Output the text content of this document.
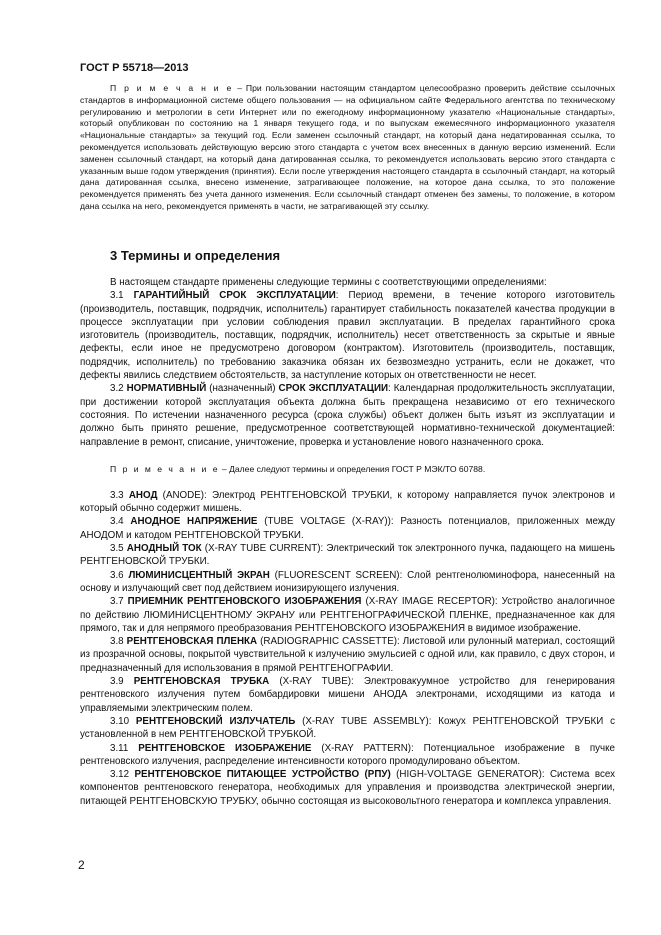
ГОСТ Р 55718—2013

П р и м е ч а н и е – При пользовании настоящим стандартом целесообразно проверить действие ссылочных стандартов в информационной системе общего пользования — на официальном сайте Федерального агентства по техническому регулированию и метрологии в сети Интернет или по ежегодному информационному указателю «Национальные стандарты», который опубликован по состоянию на 1 января текущего года, и по выпускам ежемесячного информационного указателя «Национальные стандарты» за текущий год. Если заменен ссылочный стандарт, на который дана недатированная ссылка, то рекомендуется использовать действующую версию этого стандарта с учетом всех внесенных в данную версию изменений. Если заменен ссылочный стандарт, на который дана датированная ссылка, то рекомендуется использовать версию этого стандарта с указанным выше годом утверждения (принятия). Если после утверждения настоящего стандарта в ссылочный стандарт, на который дана датированная ссылка, внесено изменение, затрагивающее положение, на которое дана ссылка, то это положение рекомендуется применять без учета данного изменения. Если ссылочный стандарт отменен без замены, то положение, в котором дана ссылка на него, рекомендуется применять в части, не затрагивающей эту ссылку.

3 Термины и определения

В настоящем стандарте применены следующие термины с соответствующими определениями:

3.1 ГАРАНТИЙНЫЙ СРОК ЭКСПЛУАТАЦИИ: Период времени, в течение которого изготовитель (производитель, поставщик, подрядчик, исполнитель) гарантирует стабильность показателей качества продукции в процессе эксплуатации при условии соблюдения правил эксплуатации. В пределах гарантийного срока изготовитель (производитель, поставщик, подрядчик, исполнитель) несет ответственность за скрытые и явные дефекты, если иное не предусмотрено договором (контрактом). Изготовитель (производитель, поставщик, подрядчик, исполнитель) по требованию заказчика обязан их безвозмездно устранить, если не докажет, что дефекты явились следствием обстоятельств, за наступление которых он ответственности не несет.

3.2 НОРМАТИВНЫЙ (назначенный) СРОК ЭКСПЛУАТАЦИИ: Календарная продолжительность эксплуатации, при достижении которой эксплуатация объекта должна быть прекращена независимо от его технического состояния. По истечении назначенного ресурса (срока службы) объект должен быть изъят из эксплуатации и должно быть принято решение, предусмотренное соответствующей нормативно-технической документацией: направление в ремонт, списание, уничтожение, проверка и установление нового назначенного срока.

П р и м е ч а н и е – Далее следуют термины и определения ГОСТ Р МЭК/ТО 60788.

3.3 АНОД (ANODE): Электрод РЕНТГЕНОВСКОЙ ТРУБКИ, к которому направляется пучок электронов и который обычно содержит мишень.

3.4 АНОДНОЕ НАПРЯЖЕНИЕ (TUBE VOLTAGE (X-RAY)): Разность потенциалов, приложенных между АНОДОМ и катодом РЕНТГЕНОВСКОЙ ТРУБКИ.

3.5 АНОДНЫЙ ТОК (X-RAY TUBE CURRENT): Электрический ток электронного пучка, падающего на мишень РЕНТГЕНОВСКОЙ ТРУБКИ.

3.6 ЛЮМИНИСЦЕНТНЫЙ ЭКРАН (FLUORESCENT SCREEN): Слой рентгенолюминофора, нанесенный на основу и излучающий свет под действием ионизирующего излучения.

3.7 ПРИЕМНИК РЕНТГЕНОВСКОГО ИЗОБРАЖЕНИЯ (X-RAY IMAGE RECEPTOR): Устройство аналогичное по действию ЛЮМИНИСЦЕНТНОМУ ЭКРАНУ или РЕНТГЕНОГРАФИЧЕСКОЙ ПЛЕНКЕ, предназначенное как для прямого, так и для непрямого преобразования РЕНТГЕНОВСКОГО ИЗОБРАЖЕНИЯ в видимое изображение.

3.8 РЕНТГЕНОВСКАЯ ПЛЕНКА (RADIOGRAPHIC CASSETTE): Листовой или рулонный материал, состоящий из прозрачной основы, покрытой чувствительной к излучению эмульсией с одной или, как правило, с двух сторон, и предназначенный для использования в прямой РЕНТГЕНОГРАФИИ.

3.9 РЕНТГЕНОВСКАЯ ТРУБКА (X-RAY TUBE): Электровакуумное устройство для генерирования рентгеновского излучения путем бомбардировки мишени АНОДА электронами, исходящими из катода и управляемыми электрическим полем.

3.10 РЕНТГЕНОВСКИЙ ИЗЛУЧАТЕЛЬ (X-RAY TUBE ASSEMBLY): Кожух РЕНТГЕНОВСКОЙ ТРУБКИ с установленной в нем РЕНТГЕНОВСКОЙ ТРУБКОЙ.

3.11 РЕНТГЕНОВСКОЕ ИЗОБРАЖЕНИЕ (X-RAY PATTERN): Потенциальное изображение в пучке рентгеновского излучения, распределение интенсивности которого промодулировано объектом.

3.12 РЕНТГЕНОВСКОЕ ПИТАЮЩЕЕ УСТРОЙСТВО (РПУ) (HIGH-VOLTAGE GENERATOR): Система всех компонентов рентгеновского генератора, необходимых для управления и производства электрической энергии, питающей РЕНТГЕНОВСКУЮ ТРУБКУ, обычно состоящая из высоковольтного генератора и комплекса управления.

2
